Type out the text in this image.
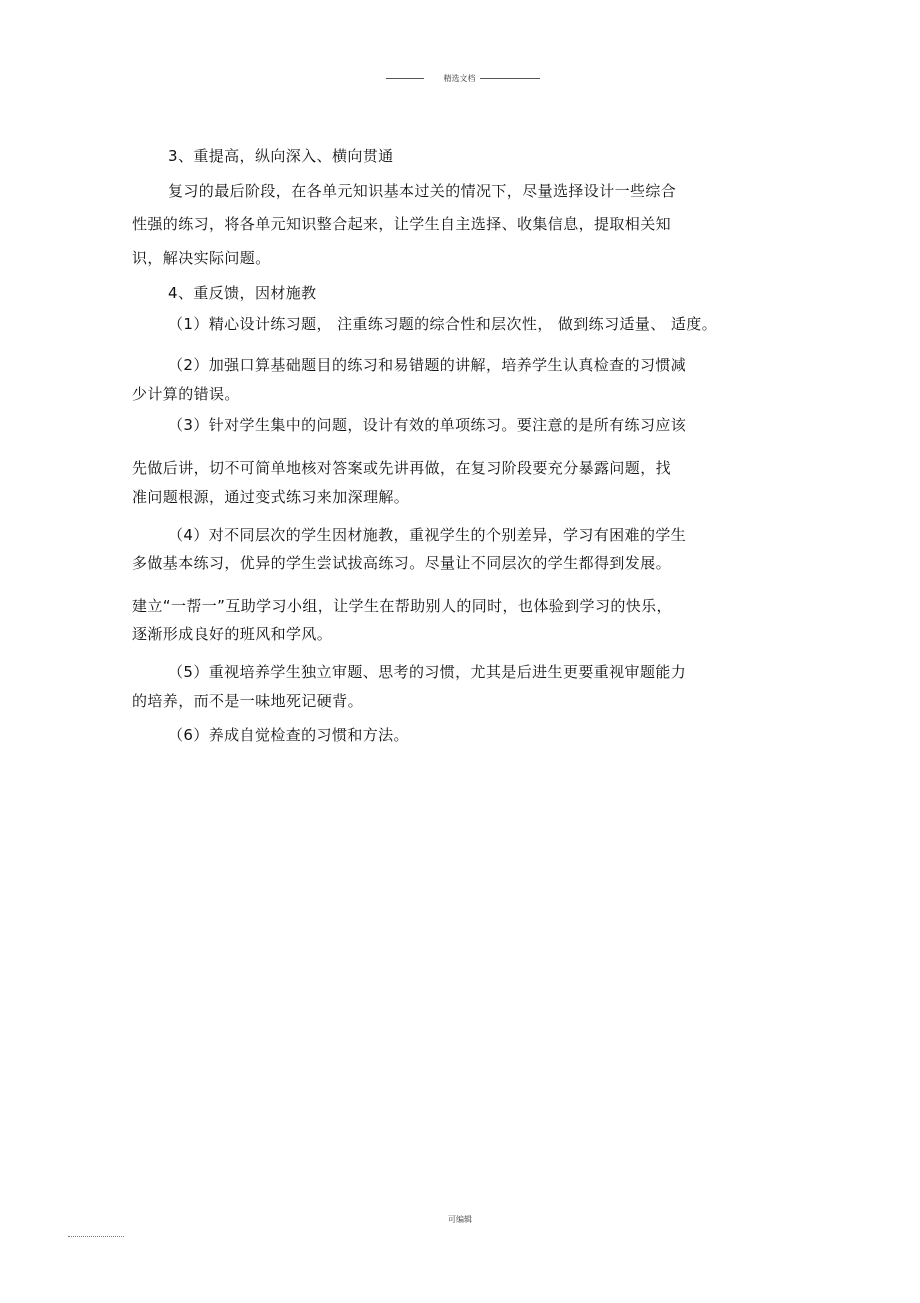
精选文档

3、重提高，纵向深入、横向贯通
复习的最后阶段，在各单元知识基本过关的情况下，尽量选择设计一些综合
性强的练习，将各单元知识整合起来，让学生自主选择、收集信息，提取相关知
识，解决实际问题。
4、重反馈，因材施教
（1）精心设计练习题， 注重练习题的综合性和层次性， 做到练习适量、 适度。
（2）加强口算基础题目的练习和易错题的讲解，培养学生认真检查的习惯减
少计算的错误。
（3）针对学生集中的问题，设计有效的单项练习。要注意的是所有练习应该
先做后讲，切不可简单地核对答案或先讲再做，在复习阶段要充分暴露问题，找
准问题根源，通过变式练习来加深理解。
（4）对不同层次的学生因材施教，重视学生的个别差异，学习有困难的学生
多做基本练习，优异的学生尝试拔高练习。尽量让不同层次的学生都得到发展。
建立“一帮一”互助学习小组，让学生在帮助别人的同时，也体验到学习的快乐，
逐渐形成良好的班风和学风。
（5）重视培养学生独立审题、思考的习惯，尤其是后进生更要重视审题能力
的培养，而不是一味地死记硬背。
（6）养成自觉检查的习惯和方法。
可编辑
